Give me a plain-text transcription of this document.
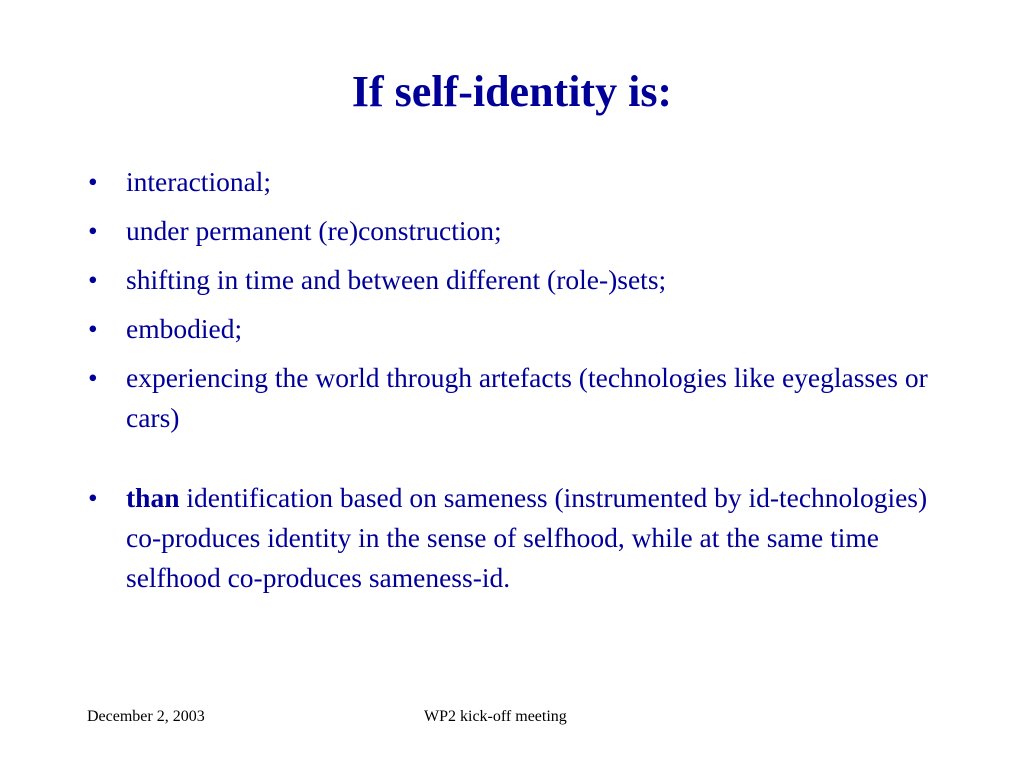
If self-identity is:
• interactional;
• under permanent (re)construction;
• shifting in time and between different (role-)sets;
• embodied;
• experiencing the world through artefacts (technologies like eyeglasses or cars)
• than identification based on sameness (instrumented by id-technologies) co-produces identity in the sense of selfhood, while at the same time selfhood co-produces sameness-id.
December 2, 2003	WP2 kick-off meeting
